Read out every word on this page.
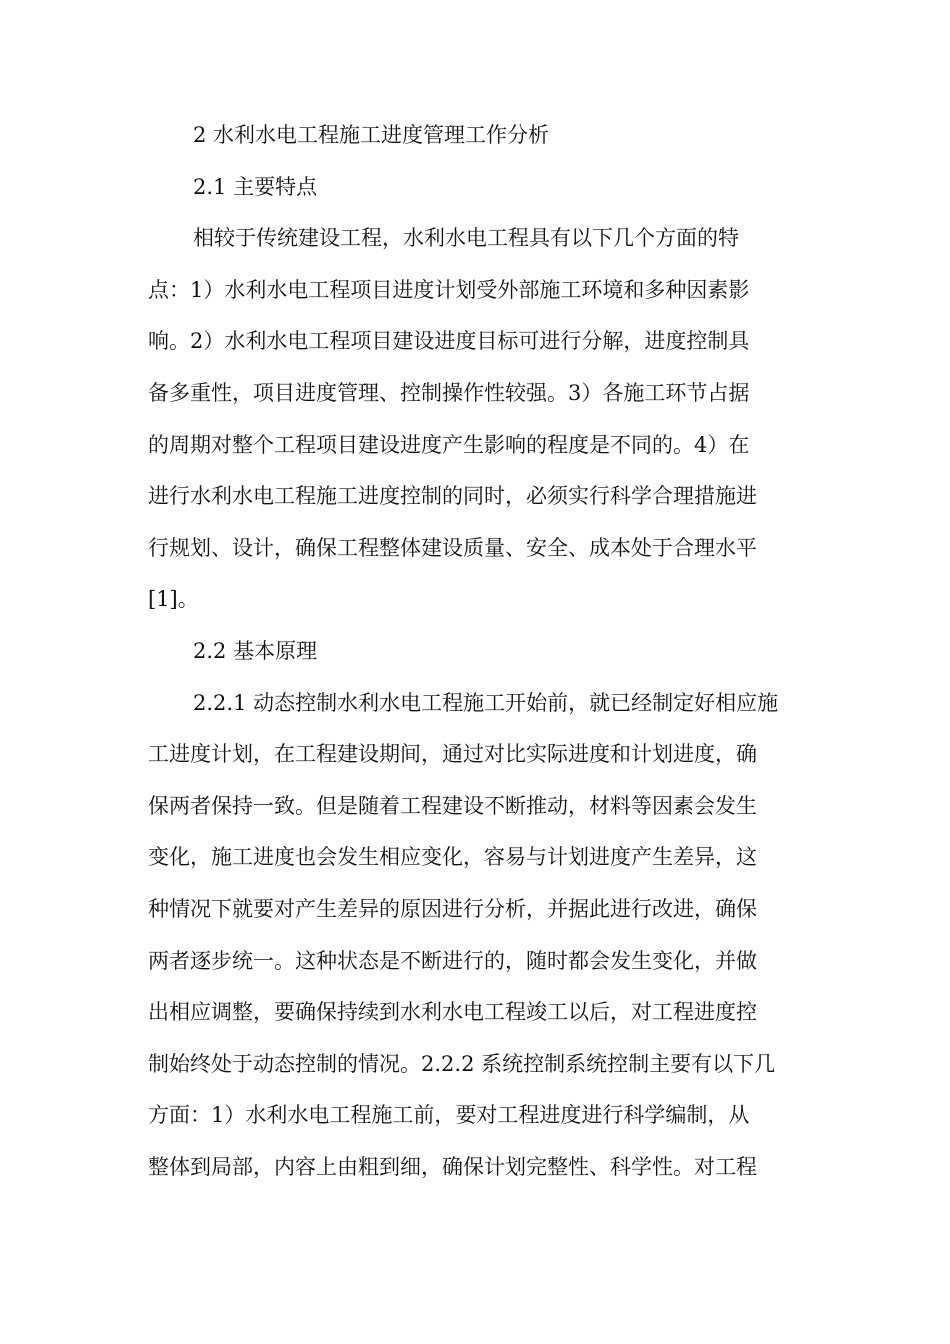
2 水利水电工程施工进度管理工作分析
2.1 主要特点
相较于传统建设工程，水利水电工程具有以下几个方面的特
点：1）水利水电工程项目进度计划受外部施工环境和多种因素影
响。2）水利水电工程项目建设进度目标可进行分解，进度控制具
备多重性，项目进度管理、控制操作性较强。3）各施工环节占据
的周期对整个工程项目建设进度产生影响的程度是不同的。4）在
进行水利水电工程施工进度控制的同时，必须实行科学合理措施进
行规划、设计，确保工程整体建设质量、安全、成本处于合理水平
[1]。
2.2 基本原理
2.2.1 动态控制水利水电工程施工开始前，就已经制定好相应施
工进度计划，在工程建设期间，通过对比实际进度和计划进度，确
保两者保持一致。但是随着工程建设不断推动，材料等因素会发生
变化，施工进度也会发生相应变化，容易与计划进度产生差异，这
种情况下就要对产生差异的原因进行分析，并据此进行改进，确保
两者逐步统一。这种状态是不断进行的，随时都会发生变化，并做
出相应调整，要确保持续到水利水电工程竣工以后，对工程进度控
制始终处于动态控制的情况。2.2.2 系统控制系统控制主要有以下几
方面：1）水利水电工程施工前，要对工程进度进行科学编制，从
整体到局部，内容上由粗到细，确保计划完整性、科学性。对工程
